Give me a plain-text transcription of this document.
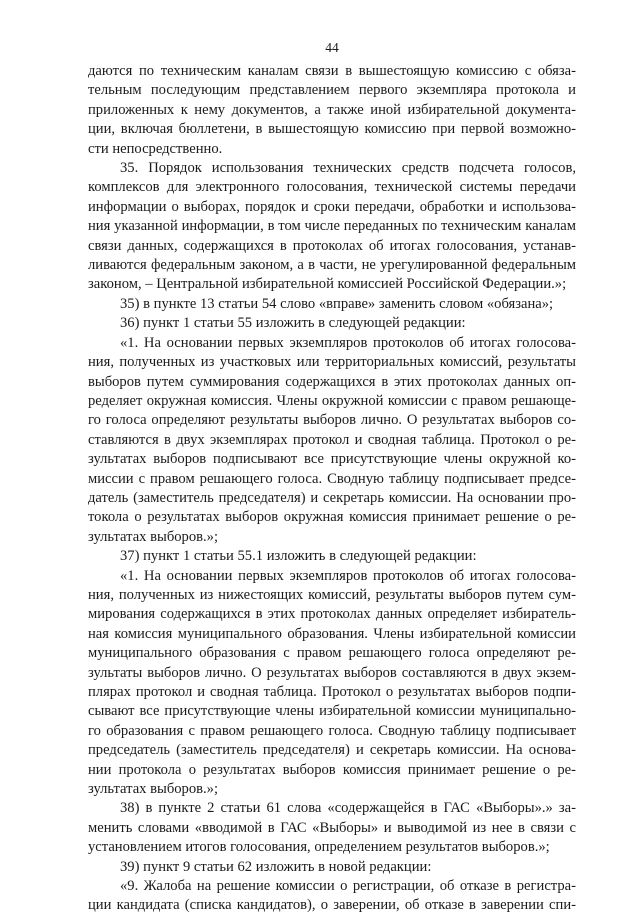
44
даются по техническим каналам связи в вышестоящую комиссию с обяза-
тельным последующим представлением первого экземпляра протокола и
приложенных к нему документов, а также иной избирательной документа-
ции, включая бюллетени, в вышестоящую комиссию при первой возможно-
сти непосредственно.
35. Порядок использования технических средств подсчета голосов,
комплексов для электронного голосования, технической системы передачи
информации о выборах, порядок и сроки передачи, обработки и использова-
ния указанной информации, в том числе переданных по техническим каналам
связи данных, содержащихся в протоколах об итогах голосования, устанав-
ливаются федеральным законом, а в части, не урегулированной федеральным
законом, – Центральной избирательной комиссией Российской Федерации.»;
35) в пункте 13 статьи 54 слово «вправе» заменить словом «обязана»;
36) пункт 1 статьи 55 изложить в следующей редакции:
«1. На основании первых экземпляров протоколов об итогах голосова-
ния, полученных из участковых или территориальных комиссий, результаты
выборов путем суммирования содержащихся в этих протоколах данных оп-
ределяет окружная комиссия. Члены окружной комиссии с правом решающе-
го голоса определяют результаты выборов лично. О результатах выборов со-
ставляются в двух экземплярах протокол и сводная таблица. Протокол о ре-
зультатах выборов подписывают все присутствующие члены окружной ко-
миссии с правом решающего голоса. Сводную таблицу подписывает предсе-
датель (заместитель председателя) и секретарь комиссии. На основании про-
токола о результатах выборов окружная комиссия принимает решение о ре-
зультатах выборов.»;
37) пункт 1 статьи 55.1 изложить в следующей редакции:
«1. На основании первых экземпляров протоколов об итогах голосова-
ния, полученных из нижестоящих комиссий, результаты выборов путем сум-
мирования содержащихся в этих протоколах данных определяет избиратель-
ная комиссия муниципального образования. Члены избирательной комиссии
муниципального образования с правом решающего голоса определяют ре-
зультаты выборов лично. О результатах выборов составляются в двух экзем-
плярах протокол и сводная таблица. Протокол о результатах выборов подпи-
сывают все присутствующие члены избирательной комиссии муниципально-
го образования с правом решающего голоса. Сводную таблицу подписывает
председатель (заместитель председателя) и секретарь комиссии. На основа-
нии протокола о результатах выборов комиссия принимает решение о ре-
зультатах выборов.»;
38) в пункте 2 статьи 61 слова «содержащейся в ГАС «Выборы».» за-
менить словами «вводимой в ГАС «Выборы» и выводимой из нее в связи с
установлением итогов голосования, определением результатов выборов.»;
39) пункт 9 статьи 62 изложить в новой редакции:
«9. Жалоба на решение комиссии о регистрации, об отказе в регистра-
ции кандидата (списка кандидатов), о заверении, об отказе в заверении спи-
